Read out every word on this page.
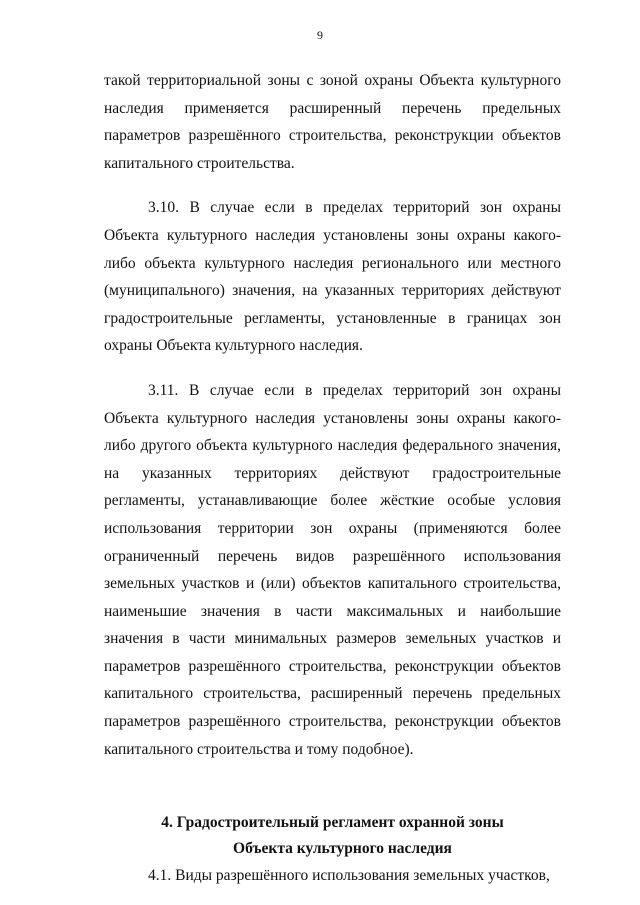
9

такой территориальной зоны с зоной охраны Объекта культурного наследия применяется расширенный перечень предельных параметров разрешённого строительства, реконструкции объектов капитального строительства.

3.10. В случае если в пределах территорий зон охраны Объекта культурного наследия установлены зоны охраны какого-либо объекта культурного наследия регионального или местного (муниципального) значения, на указанных территориях действуют градостроительные регламенты, установленные в границах зон охраны Объекта культурного наследия.

3.11. В случае если в пределах территорий зон охраны Объекта культурного наследия установлены зоны охраны какого-либо другого объекта культурного наследия федерального значения, на указанных территориях действуют градостроительные регламенты, устанавливающие более жёсткие особые условия использования территории зон охраны (применяются более ограниченный перечень видов разрешённого использования земельных участков и (или) объектов капитального строительства, наименьшие значения в части максимальных и наибольшие значения в части минимальных размеров земельных участков и параметров разрешённого строительства, реконструкции объектов капитального строительства, расширенный перечень предельных параметров разрешённого строительства, реконструкции объектов капитального строительства и тому подобное).

4. Градостроительный регламент охранной зоны
Объекта культурного наследия

4.1. Виды разрешённого использования земельных участков,
